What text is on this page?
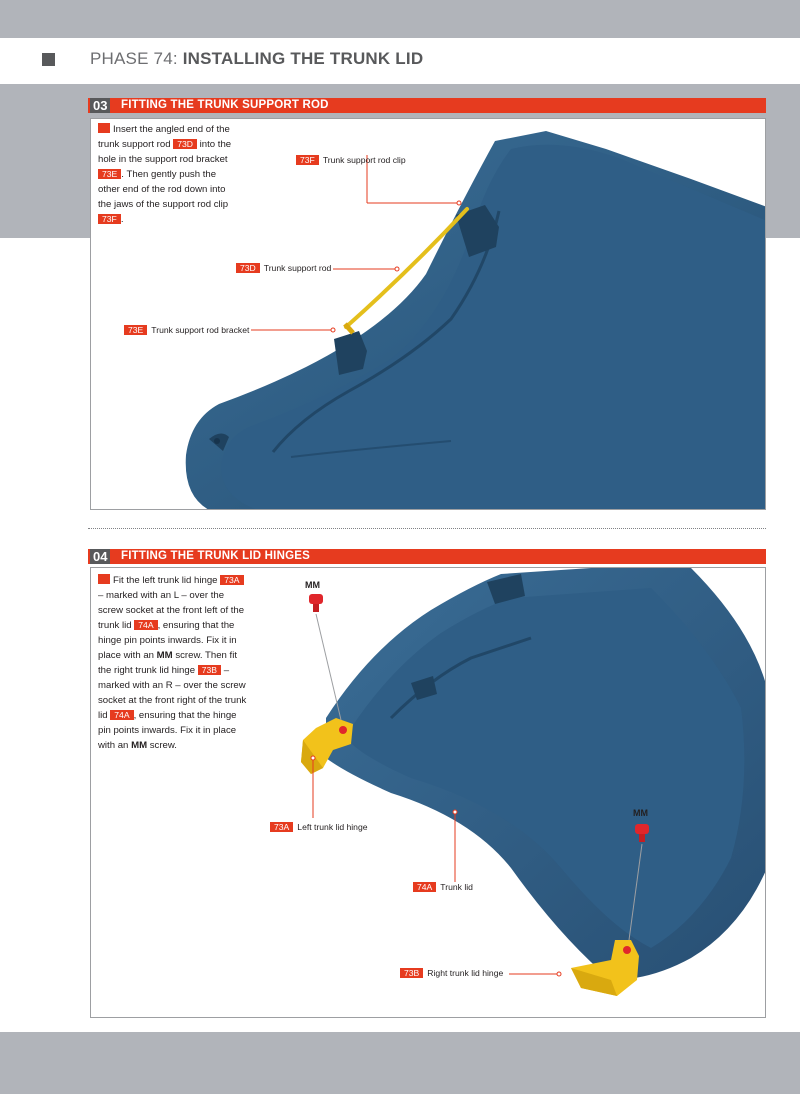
PHASE 74: INSTALLING THE TRUNK LID
03 FITTING THE TRUNK SUPPORT ROD
Insert the angled end of the trunk support rod 73D into the hole in the support rod bracket 73E . Then gently push the other end of the rod down into the jaws of the support rod clip 73F .
73F Trunk support rod clip
73D Trunk support rod
73E Trunk support rod bracket
04 FITTING THE TRUNK LID HINGES
MM
MM
Fit the left trunk lid hinge 73A – marked with an L – over the screw socket at the front left of the trunk lid 74A , ensuring that the hinge pin points inwards. Fix it in place with an MM screw. Then fit the right trunk lid hinge 73B – marked with an R – over the screw socket at the front right of the trunk lid 74A , ensuring that the hinge pin points inwards. Fix it in place with an MM screw.
73A Left trunk lid hinge
74A Trunk lid
73B Right trunk lid hinge
